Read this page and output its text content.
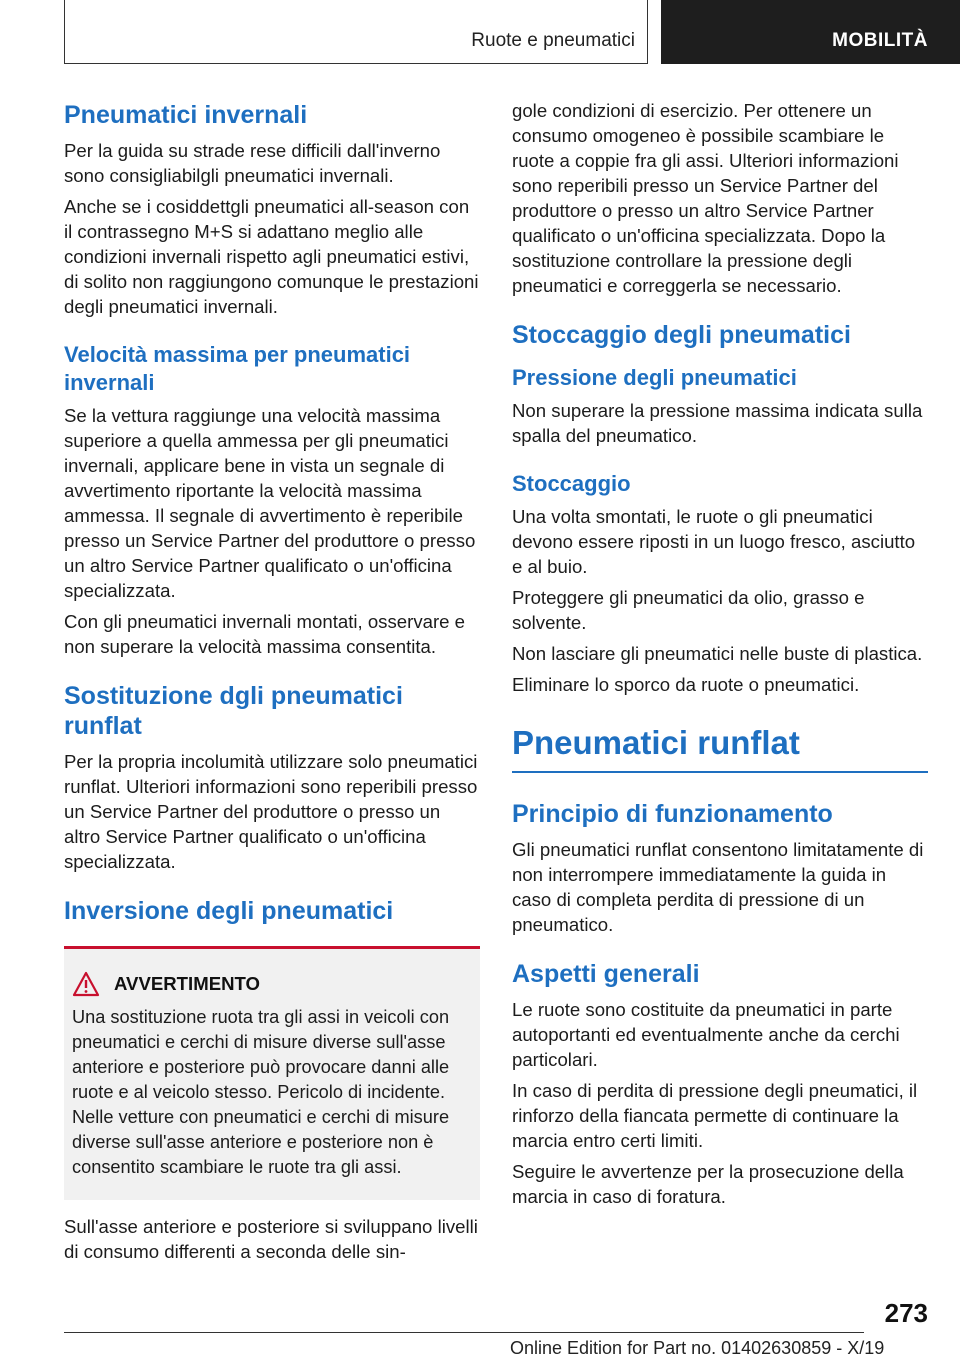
Ruote e pneumatici	MOBILITÀ
Pneumatici invernali

Per la guida su strade rese difficili dall'inverno sono consigliabilgli pneumatici invernali.

Anche se i cosiddettgli pneumatici all-season con il contrassegno M+S si adattano meglio alle condizioni invernali rispetto agli pneumatici estivi, di solito non raggiungono comunque le prestazioni degli pneumatici invernali.

Velocità massima per pneumatici invernali

Se la vettura raggiunge una velocità massima superiore a quella ammessa per gli pneumatici invernali, applicare bene in vista un segnale di avvertimento riportante la velocità massima ammessa. Il segnale di avvertimento è reperibile presso un Service Partner del produttore o presso un altro Service Partner qualificato o un'officina specializzata.

Con gli pneumatici invernali montati, osservare e non superare la velocità massima consentita.

Sostituzione dgli pneumatici runflat

Per la propria incolumità utilizzare solo pneumatici runflat. Ulteriori informazioni sono reperibili presso un Service Partner del produttore o presso un altro Service Partner qualificato o un'officina specializzata.

Inversione degli pneumatici
AVVERTIMENTO

Una sostituzione ruota tra gli assi in veicoli con pneumatici e cerchi di misure diverse sull'asse anteriore e posteriore può provocare danni alle ruote e al veicolo stesso. Pericolo di incidente. Nelle vetture con pneumatici e cerchi di misure diverse sull'asse anteriore e posteriore non è consentito scambiare le ruote tra gli assi.

Sull'asse anteriore e posteriore si sviluppano livelli di consumo differenti a seconda delle sin-

gole condizioni di esercizio. Per ottenere un consumo omogeneo è possibile scambiare le ruote a coppie fra gli assi. Ulteriori informazioni sono reperibili presso un Service Partner del produttore o presso un altro Service Partner qualificato o un'officina specializzata. Dopo la sostituzione controllare la pressione degli pneumatici e correggerla se necessario.

Stoccaggio degli pneumatici
Pressione degli pneumatici

Non superare la pressione massima indicata sulla spalla del pneumatico.

Stoccaggio

Una volta smontati, le ruote o gli pneumatici devono essere riposti in un luogo fresco, asciutto e al buio.

Proteggere gli pneumatici da olio, grasso e solvente.

Non lasciare gli pneumatici nelle buste di plastica.

Eliminare lo sporco da ruote o pneumatici.

Pneumatici runflat
Principio di funzionamento

Gli pneumatici runflat consentono limitatamente di non interrompere immediatamente la guida in caso di completa perdita di pressione di un pneumatico.

Aspetti generali

Le ruote sono costituite da pneumatici in parte autoportanti ed eventualmente anche da cerchi particolari.

In caso di perdita di pressione degli pneumatici, il rinforzo della fiancata permette di continuare la marcia entro certi limiti.

Seguire le avvertenze per la prosecuzione della marcia in caso di foratura.

273
Online Edition for Part no. 01402630859 - X/19
